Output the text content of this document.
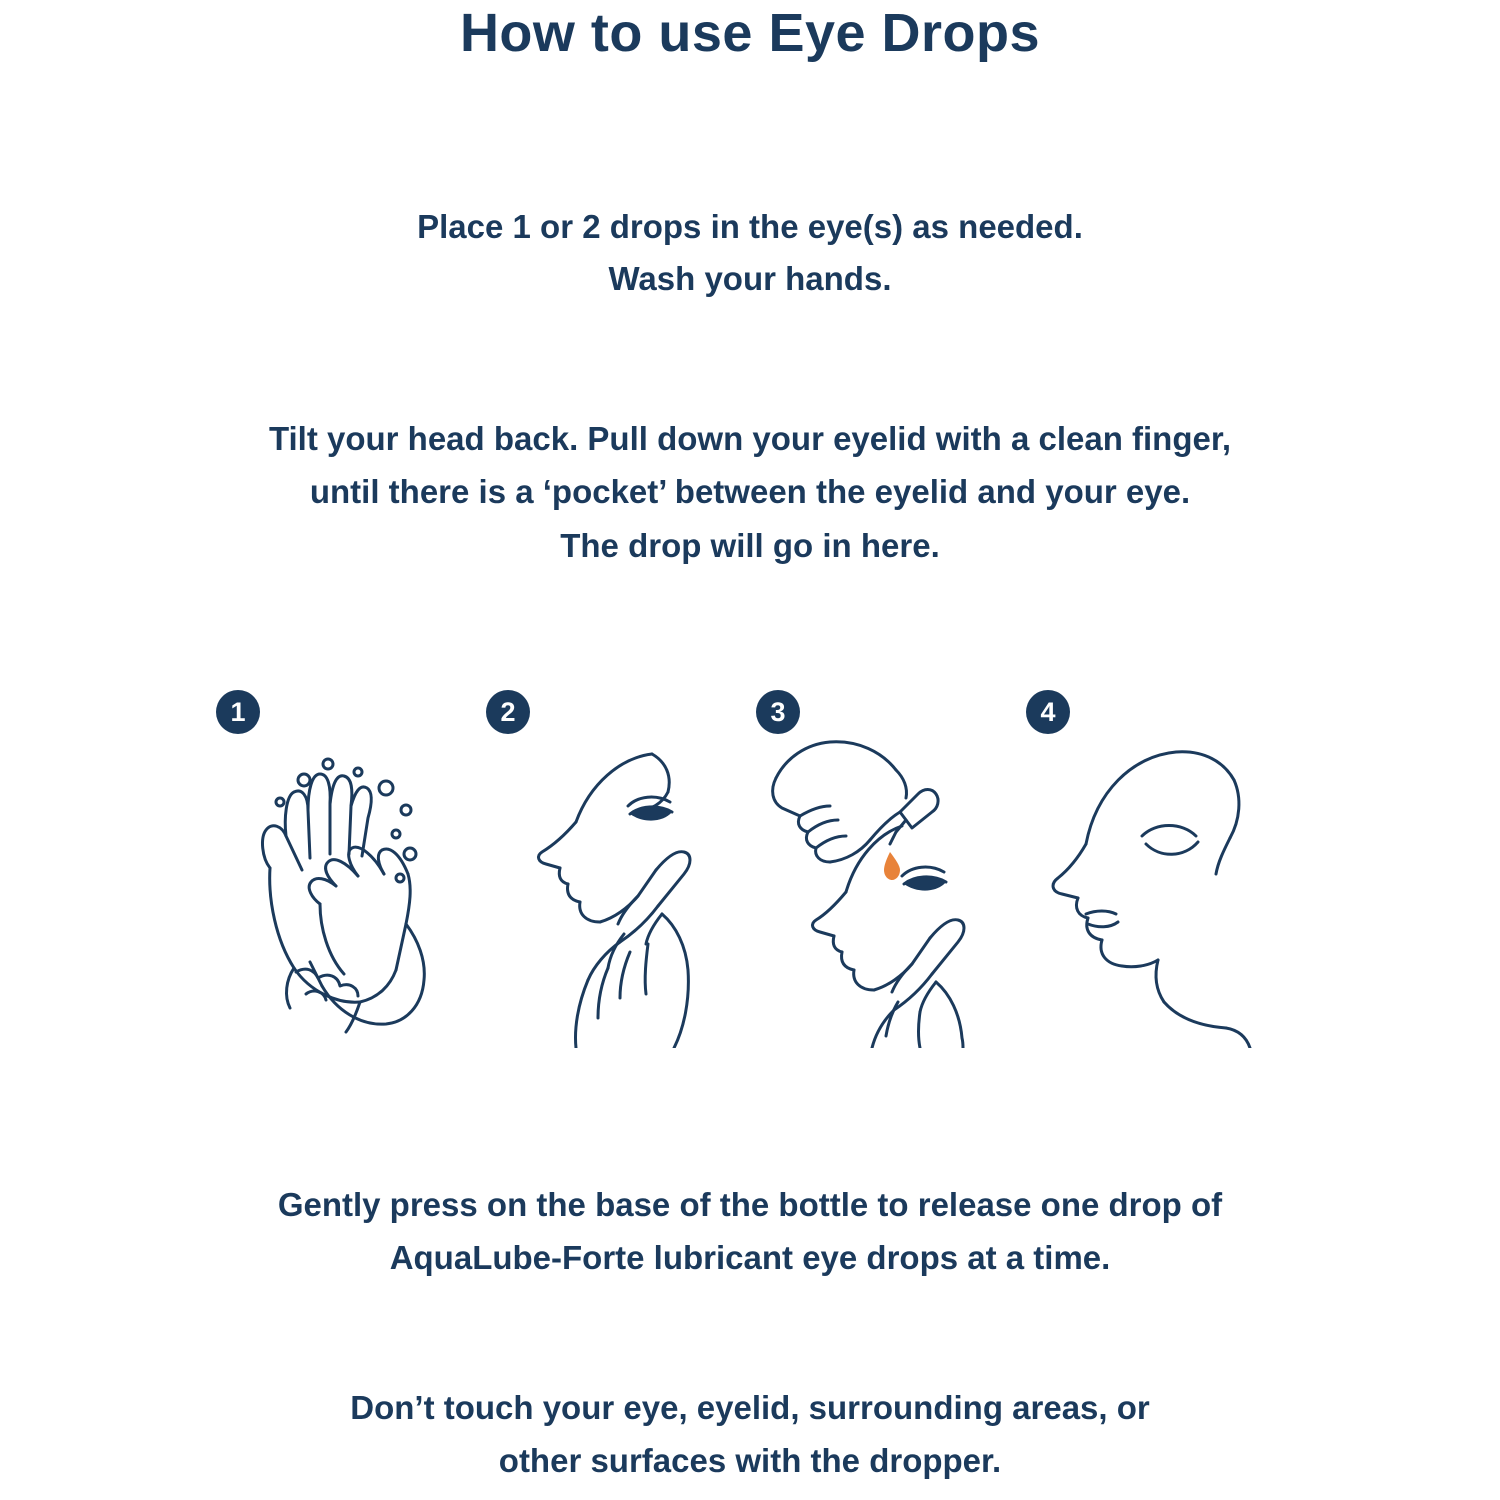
How to use Eye Drops
Place 1 or 2 drops in the eye(s) as needed.
Wash your hands.
Tilt your head back. Pull down your eyelid with a clean finger,
until there is a ‘pocket’ between the eyelid and your eye.
The drop will go in here.
1	2	3	4
Gently press on the base of the bottle to release one drop of
AquaLube-Forte lubricant eye drops at a time.
Don’t touch your eye, eyelid, surrounding areas, or
other surfaces with the dropper.
